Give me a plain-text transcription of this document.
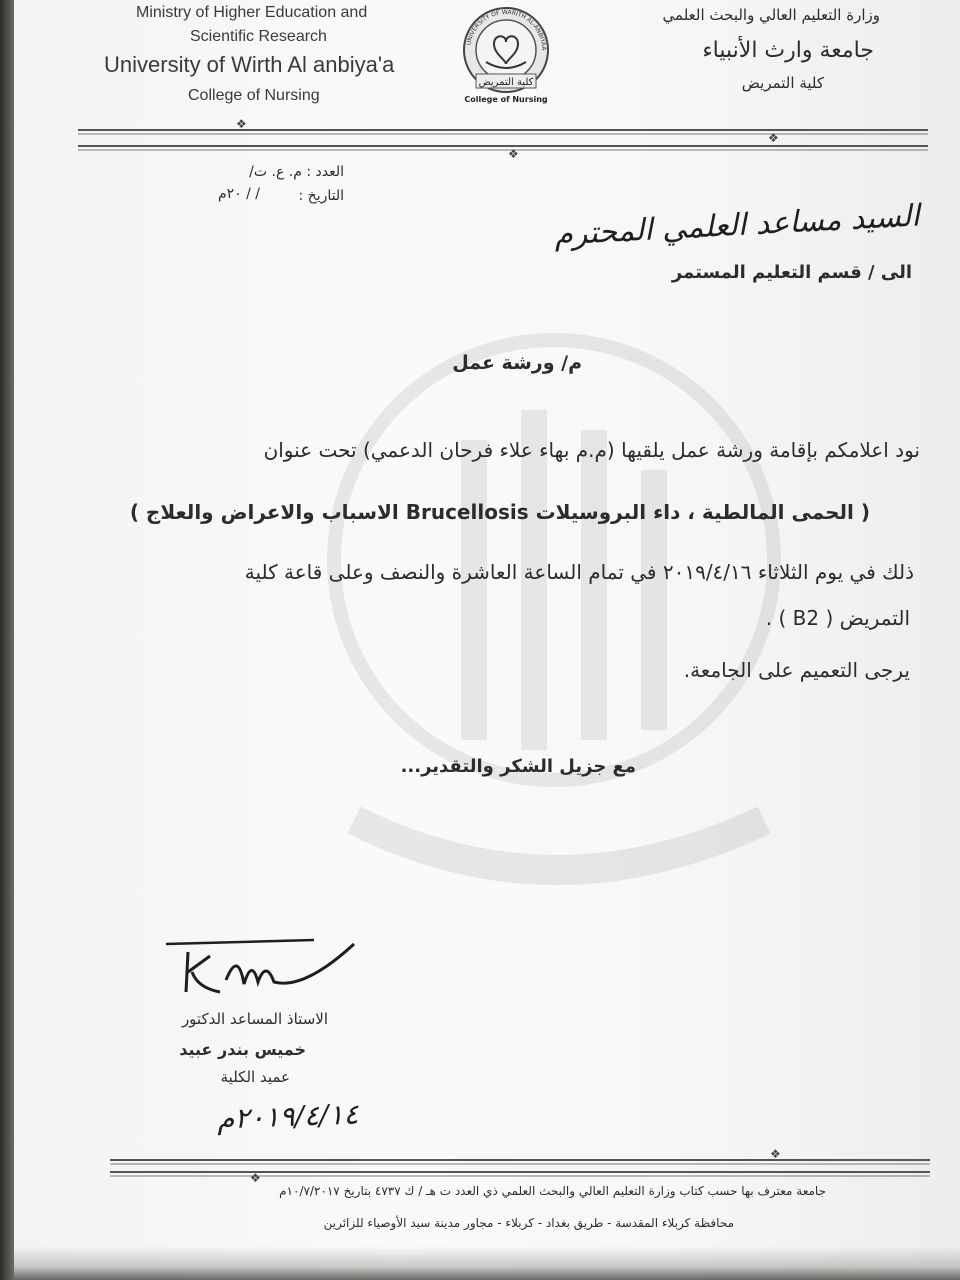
Ministry of Higher Education and
Scientific Research
University of Wirth Al anbiya'a
College of Nursing
UNIVERSITY OF WARITH AL-ANBIYAA
كلية التمريض
College of Nursing
وزارة التعليم العالي والبحث العلمي
جامعة وارث الأنبياء
كلية التمريض
❖
❖
❖
العدد : م. ع. ت/
التاريخ :
/ / ٢٠م
السيد مساعد العلمي المحترم
الى / قسم التعليم المستمر
م/ ورشة عمل
نود اعلامكم بإقامة ورشة عمل يلقيها (م.م بهاء علاء فرحان الدعمي) تحت عنوان
( الحمى المالطية ، داء البروسيلات Brucellosis الاسباب والاعراض والعلاج )
ذلك في يوم الثلاثاء ٢٠١٩/٤/١٦ في تمام الساعة العاشرة والنصف وعلى قاعة كلية
التمريض ( B2 ) .
يرجى التعميم على الجامعة.
مع جزيل الشكر والتقدير...
الاستاذ المساعد الدكتور
خميس بندر عبيد
عميد الكلية
٢٠١٩/٤/١٤م
❖
❖
جامعة معترف بها حسب كتاب وزارة التعليم العالي والبحث العلمي ذي العدد ت هـ / ك ٤٧٣٧ بتاريخ ١٠/٧/٢٠١٧م
محافظة كربلاء المقدسة - طريق بغداد - كربلاء - مجاور مدينة سيد الأوصياء للزائرين
